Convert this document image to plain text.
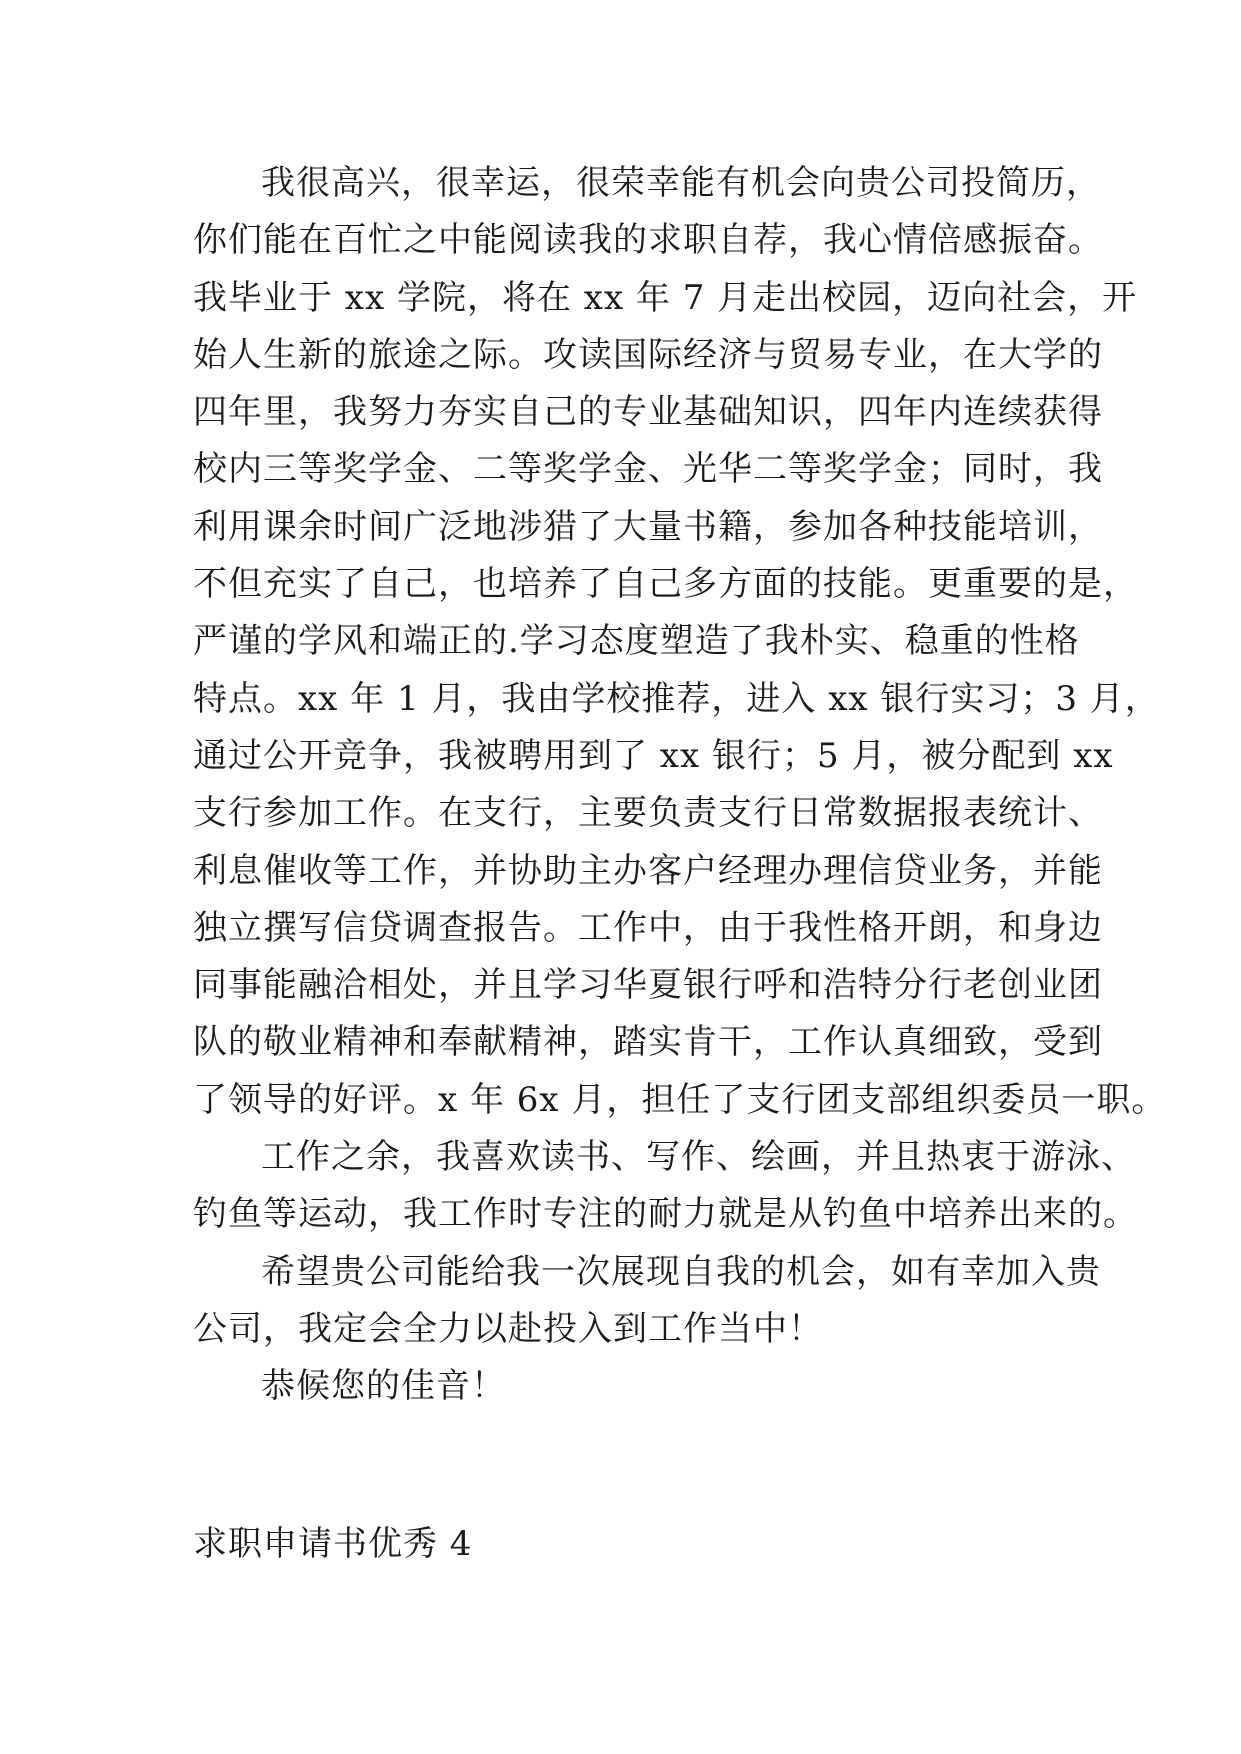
我很高兴，很幸运，很荣幸能有机会向贵公司投简历，
你们能在百忙之中能阅读我的求职自荐，我心情倍感振奋。
我毕业于 xx 学院，将在 xx 年 7 月走出校园，迈向社会，开
始人生新的旅途之际。攻读国际经济与贸易专业，在大学的
四年里，我努力夯实自己的专业基础知识，四年内连续获得
校内三等奖学金、二等奖学金、光华二等奖学金；同时，我
利用课余时间广泛地涉猎了大量书籍，参加各种技能培训，
不但充实了自己，也培养了自己多方面的技能。更重要的是，
严谨的学风和端正的.学习态度塑造了我朴实、稳重的性格
特点。xx 年 1 月，我由学校推荐，进入 xx 银行实习；3 月，
通过公开竞争，我被聘用到了 xx 银行；5 月，被分配到 xx
支行参加工作。在支行，主要负责支行日常数据报表统计、
利息催收等工作，并协助主办客户经理办理信贷业务，并能
独立撰写信贷调查报告。工作中，由于我性格开朗，和身边
同事能融洽相处，并且学习华夏银行呼和浩特分行老创业团
队的敬业精神和奉献精神，踏实肯干，工作认真细致，受到
了领导的好评。x 年 6x 月，担任了支行团支部组织委员一职。
工作之余，我喜欢读书、写作、绘画，并且热衷于游泳、
钓鱼等运动，我工作时专注的耐力就是从钓鱼中培养出来的。
希望贵公司能给我一次展现自我的机会，如有幸加入贵
公司，我定会全力以赴投入到工作当中！
恭候您的佳音！
求职申请书优秀 4
